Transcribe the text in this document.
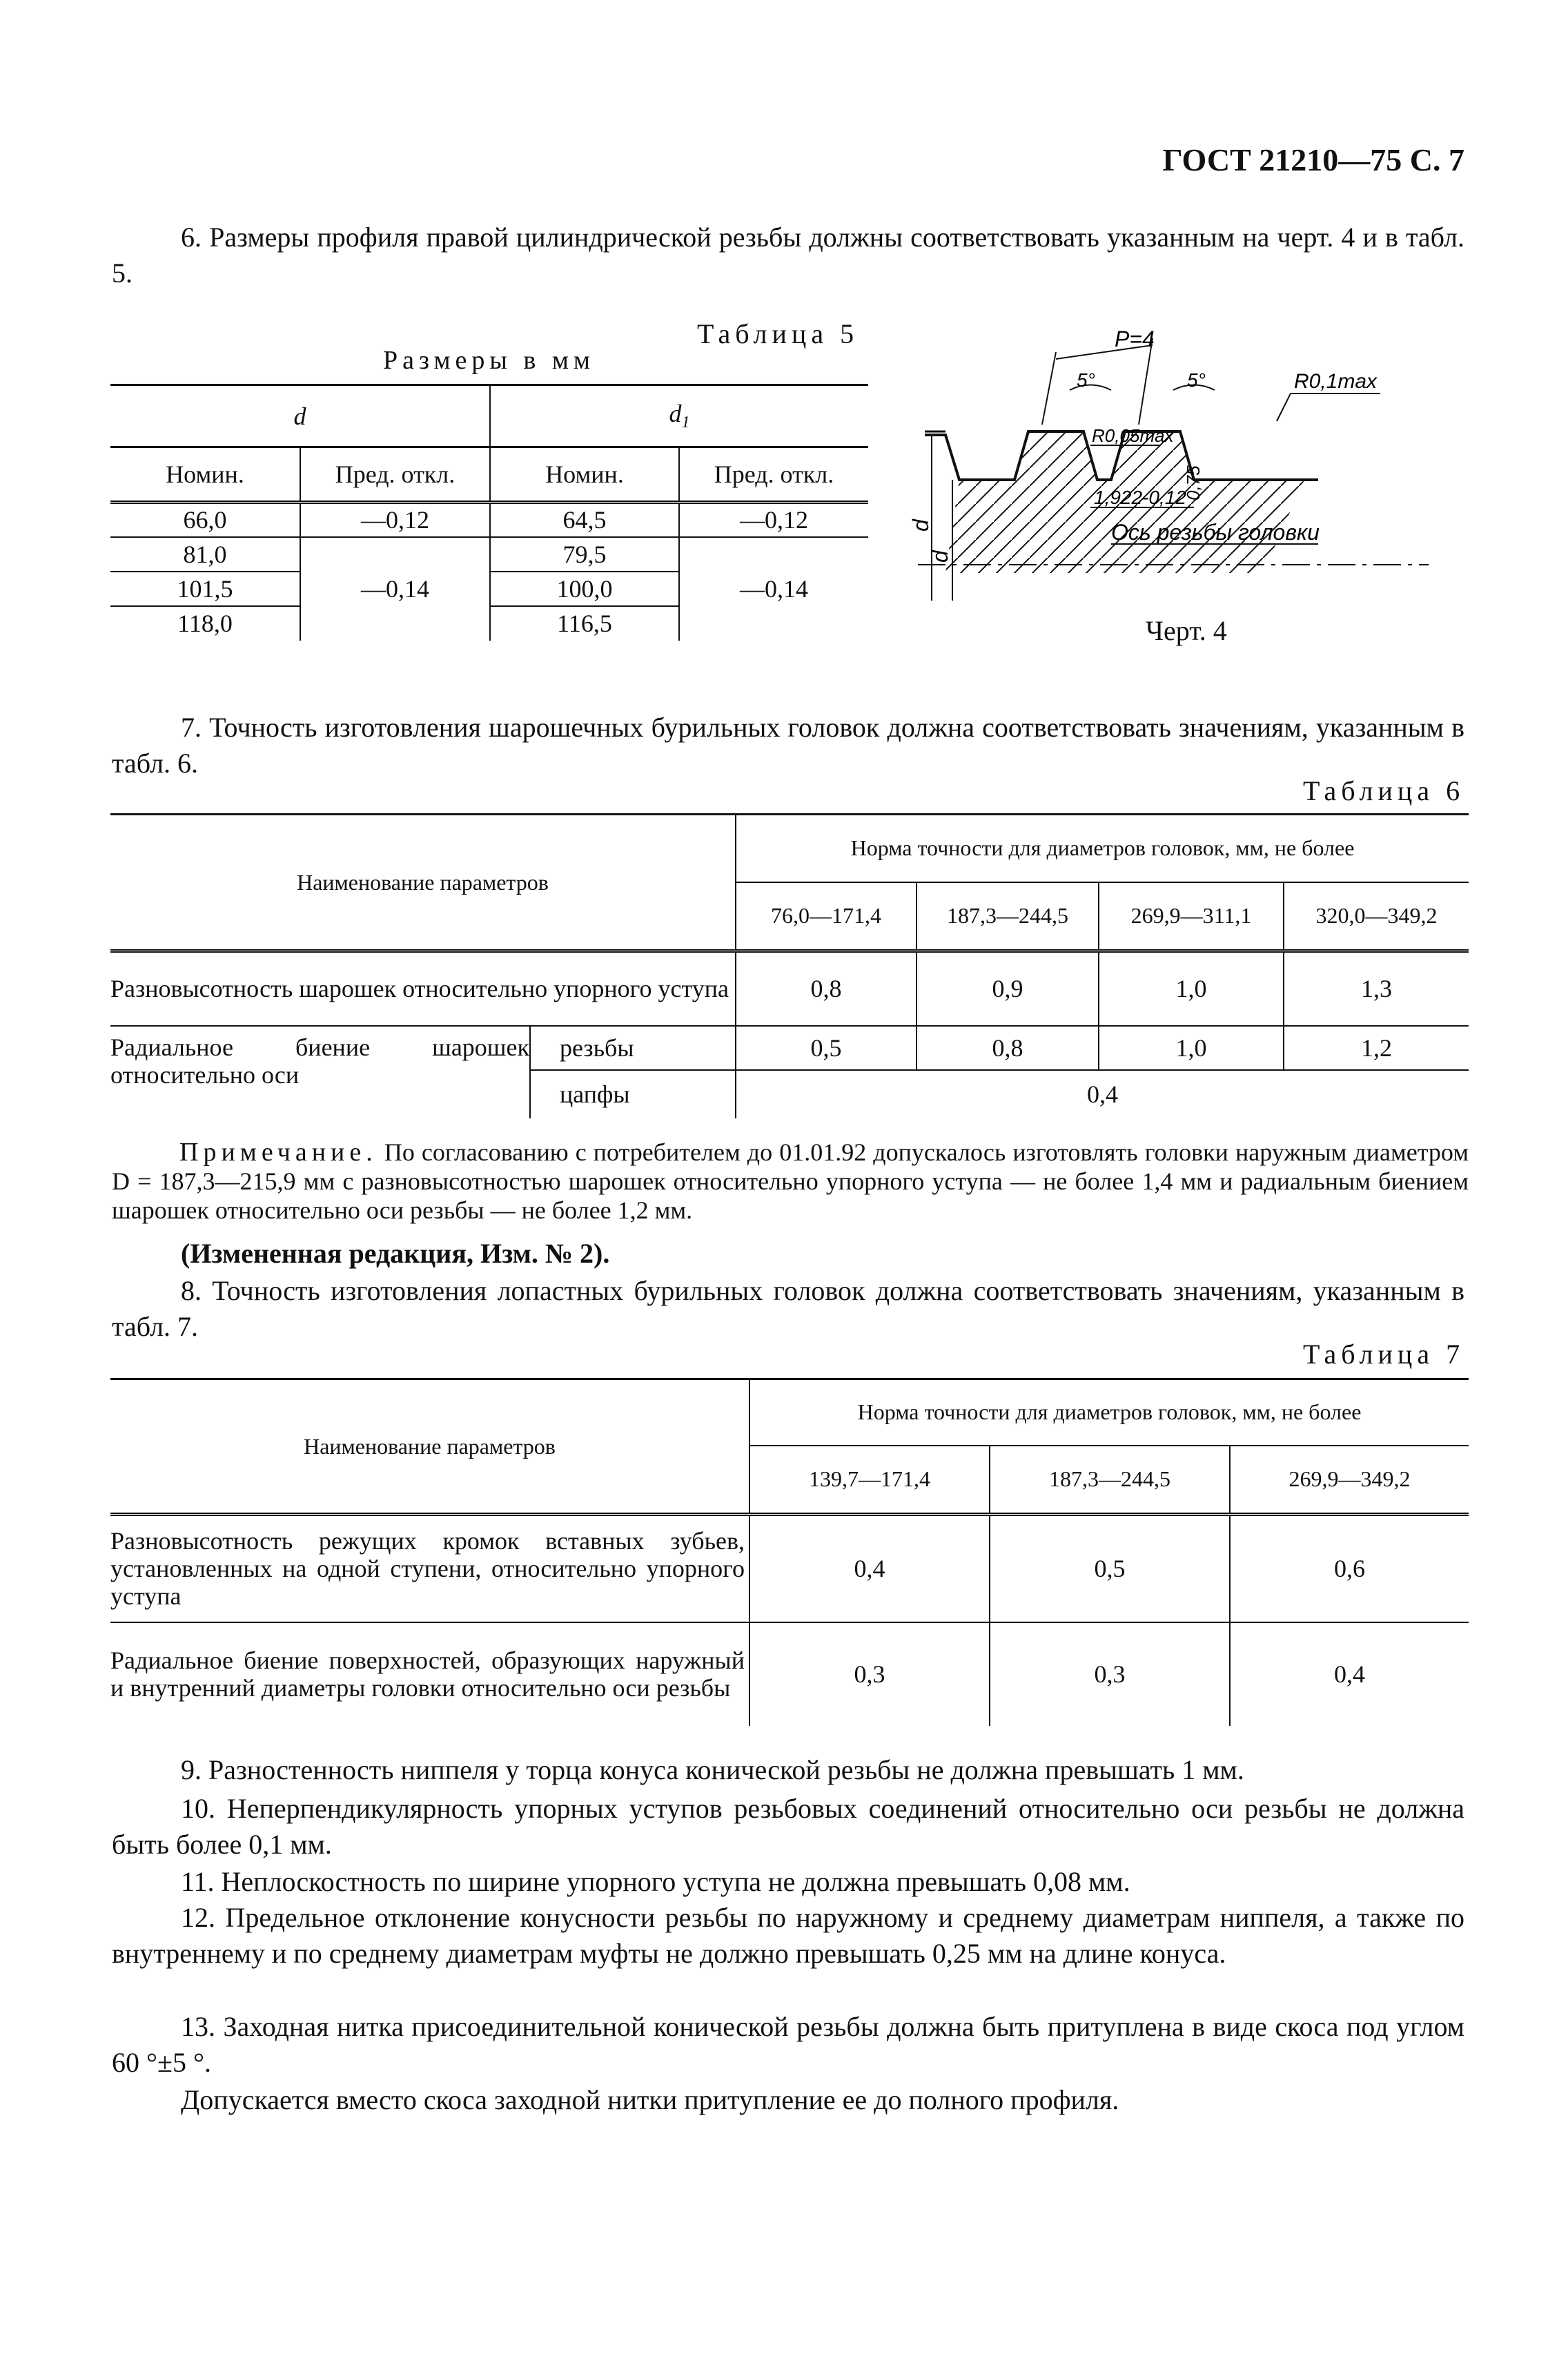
ГОСТ 21210—75 С. 7
6. Размеры профиля правой цилиндрической резьбы должны соответствовать указанным на черт. 4 и в табл. 5.
Таблица 5
Размеры в мм
d		$d_1$
Номин.	Пред. откл.	Номин.	Пред. откл.
66,0	—0,12	64,5	—0,12
81,0	—0,14	79,5	—0,14
101,5		100,0	
118,0		116,5	
d
d
P=4
5°	5°	R0,1max
R0,05max
1,922-0,12
0,75
Ось резьбы головки
Черт. 4
7. Точность изготовления шарошечных бурильных головок должна соответствовать значениям, указанным в табл. 6.
Таблица 6
Наименование параметров		Норма точности для диаметров головок, мм, не более			
		76,0—171,4	187,3—244,5	269,9—311,1	320,0—349,2
Разновысотность шарошек относительно упорного уступа		0,8	0,9	1,0	1,3
Радиальное биение шарошек относительно оси	резьбы	0,5	0,8	1,0	1,2
	цапфы	0,4			
Примечание. По согласованию с потребителем до 01.01.92 допускалось изготовлять головки наружным диаметром D = 187,3—215,9 мм с разновысотностью шарошек относительно упорного уступа — не более 1,4 мм и радиальным биением шарошек относительно оси резьбы — не более 1,2 мм.
(Измененная редакция, Изм. № 2).
8. Точность изготовления лопастных бурильных головок должна соответствовать значениям, указанным в табл. 7.
Таблица 7
Наименование параметров	Норма точности для диаметров головок, мм, не более		
	139,7—171,4	187,3—244,5	269,9—349,2
Разновысотность режущих кромок вставных зубьев, установленных на одной ступени, относительно упорного уступа	0,4	0,5	0,6
Радиальное биение поверхностей, образующих наружный и внутренний диаметры головки относительно оси резьбы	0,3	0,3	0,4
9. Разностенность ниппеля у торца конуса конической резьбы не должна превышать 1 мм.
10. Неперпендикулярность упорных уступов резьбовых соединений относительно оси резьбы не должна быть более 0,1 мм.
11. Неплоскостность по ширине упорного уступа не должна превышать 0,08 мм.
12. Предельное отклонение конусности резьбы по наружному и среднему диаметрам ниппеля, а также по внутреннему и по среднему диаметрам муфты не должно превышать 0,25 мм на длине конуса.
13. Заходная нитка присоединительной конической резьбы должна быть притуплена в виде скоса под углом 60 °±5 °.
Допускается вместо скоса заходной нитки притупление ее до полного профиля.
